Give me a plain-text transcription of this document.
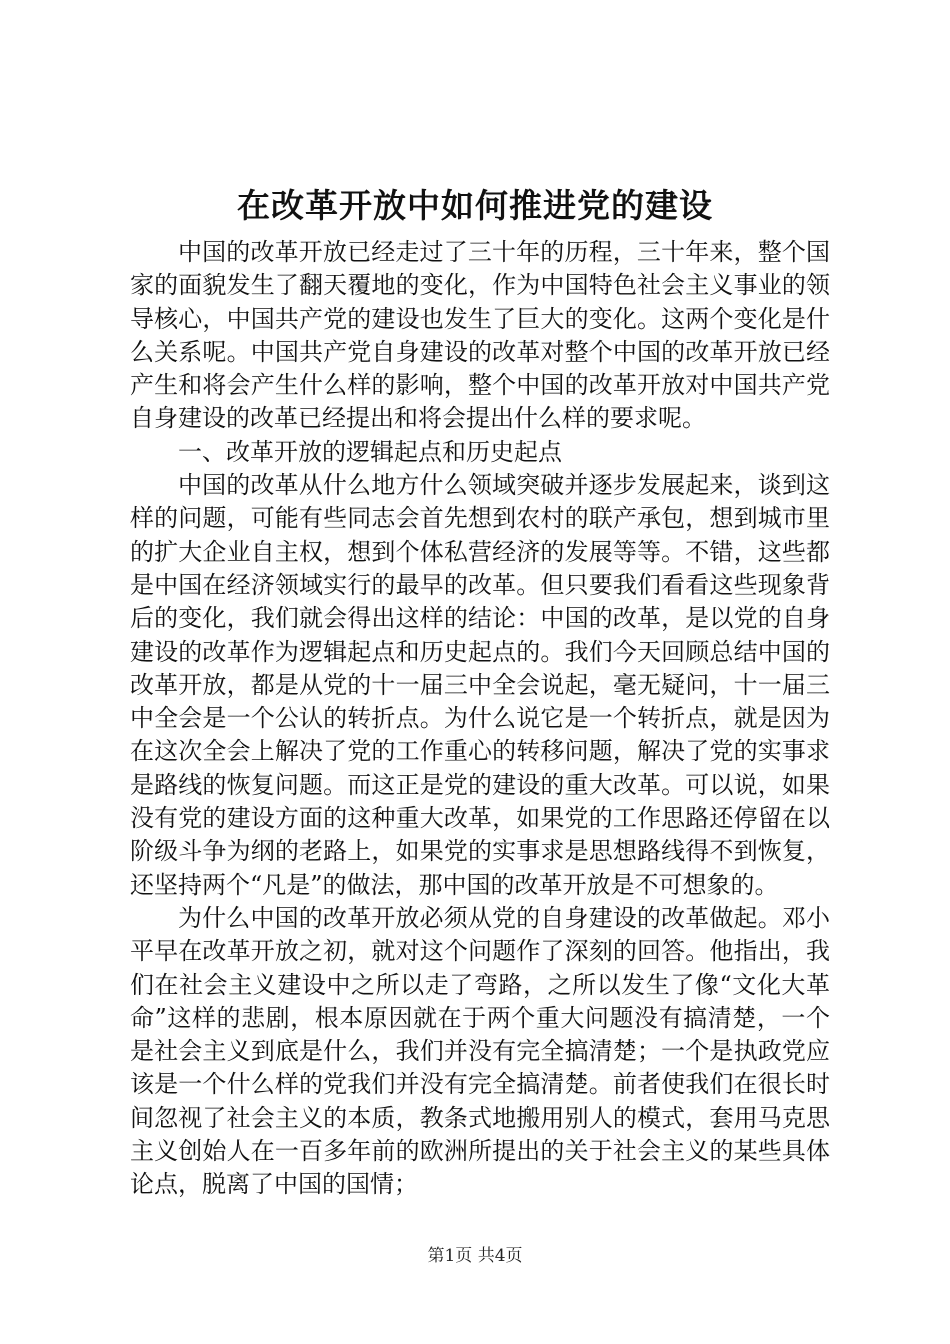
在改革开放中如何推进党的建设

中国的改革开放已经走过了三十年的历程，三十年来，整个国家的面貌发生了翻天覆地的变化，作为中国特色社会主义事业的领导核心，中国共产党的建设也发生了巨大的变化。这两个变化是什么关系呢。中国共产党自身建设的改革对整个中国的改革开放已经产生和将会产生什么样的影响，整个中国的改革开放对中国共产党自身建设的改革已经提出和将会提出什么样的要求呢。

一、改革开放的逻辑起点和历史起点

中国的改革从什么地方什么领域突破并逐步发展起来，谈到这样的问题，可能有些同志会首先想到农村的联产承包，想到城市里的扩大企业自主权，想到个体私营经济的发展等等。不错，这些都是中国在经济领域实行的最早的改革。但只要我们看看这些现象背后的变化，我们就会得出这样的结论：中国的改革，是以党的自身建设的改革作为逻辑起点和历史起点的。我们今天回顾总结中国的改革开放，都是从党的十一届三中全会说起，毫无疑问，十一届三中全会是一个公认的转折点。为什么说它是一个转折点，就是因为在这次全会上解决了党的工作重心的转移问题，解决了党的实事求是路线的恢复问题。而这正是党的建设的重大改革。可以说，如果没有党的建设方面的这种重大改革，如果党的工作思路还停留在以阶级斗争为纲的老路上，如果党的实事求是思想路线得不到恢复，还坚持两个“凡是”的做法，那中国的改革开放是不可想象的。

为什么中国的改革开放必须从党的自身建设的改革做起。邓小平早在改革开放之初，就对这个问题作了深刻的回答。他指出，我们在社会主义建设中之所以走了弯路，之所以发生了像“文化大革命”这样的悲剧，根本原因就在于两个重大问题没有搞清楚，一个是社会主义到底是什么，我们并没有完全搞清楚；一个是执政党应该是一个什么样的党我们并没有完全搞清楚。前者使我们在很长时间忽视了社会主义的本质，教条式地搬用别人的模式，套用马克思主义创始人在一百多年前的欧洲所提出的关于社会主义的某些具体论点，脱离了中国的国情；

第1页 共4页
